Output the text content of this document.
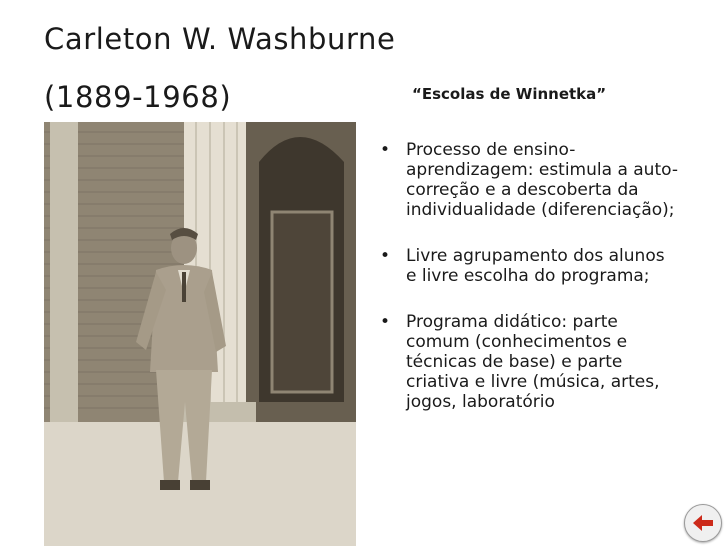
Carleton W. Washburne
(1889-1968)	“Escolas de Winnetka”
• Processo de ensino-aprendizagem: estimula a auto-correção e a descoberta da individualidade (diferenciação);
• Livre agrupamento dos alunos e livre escolha do programa;
• Programa didático: parte comum (conhecimentos e técnicas de base) e parte criativa e livre (música, artes, jogos, laboratório
